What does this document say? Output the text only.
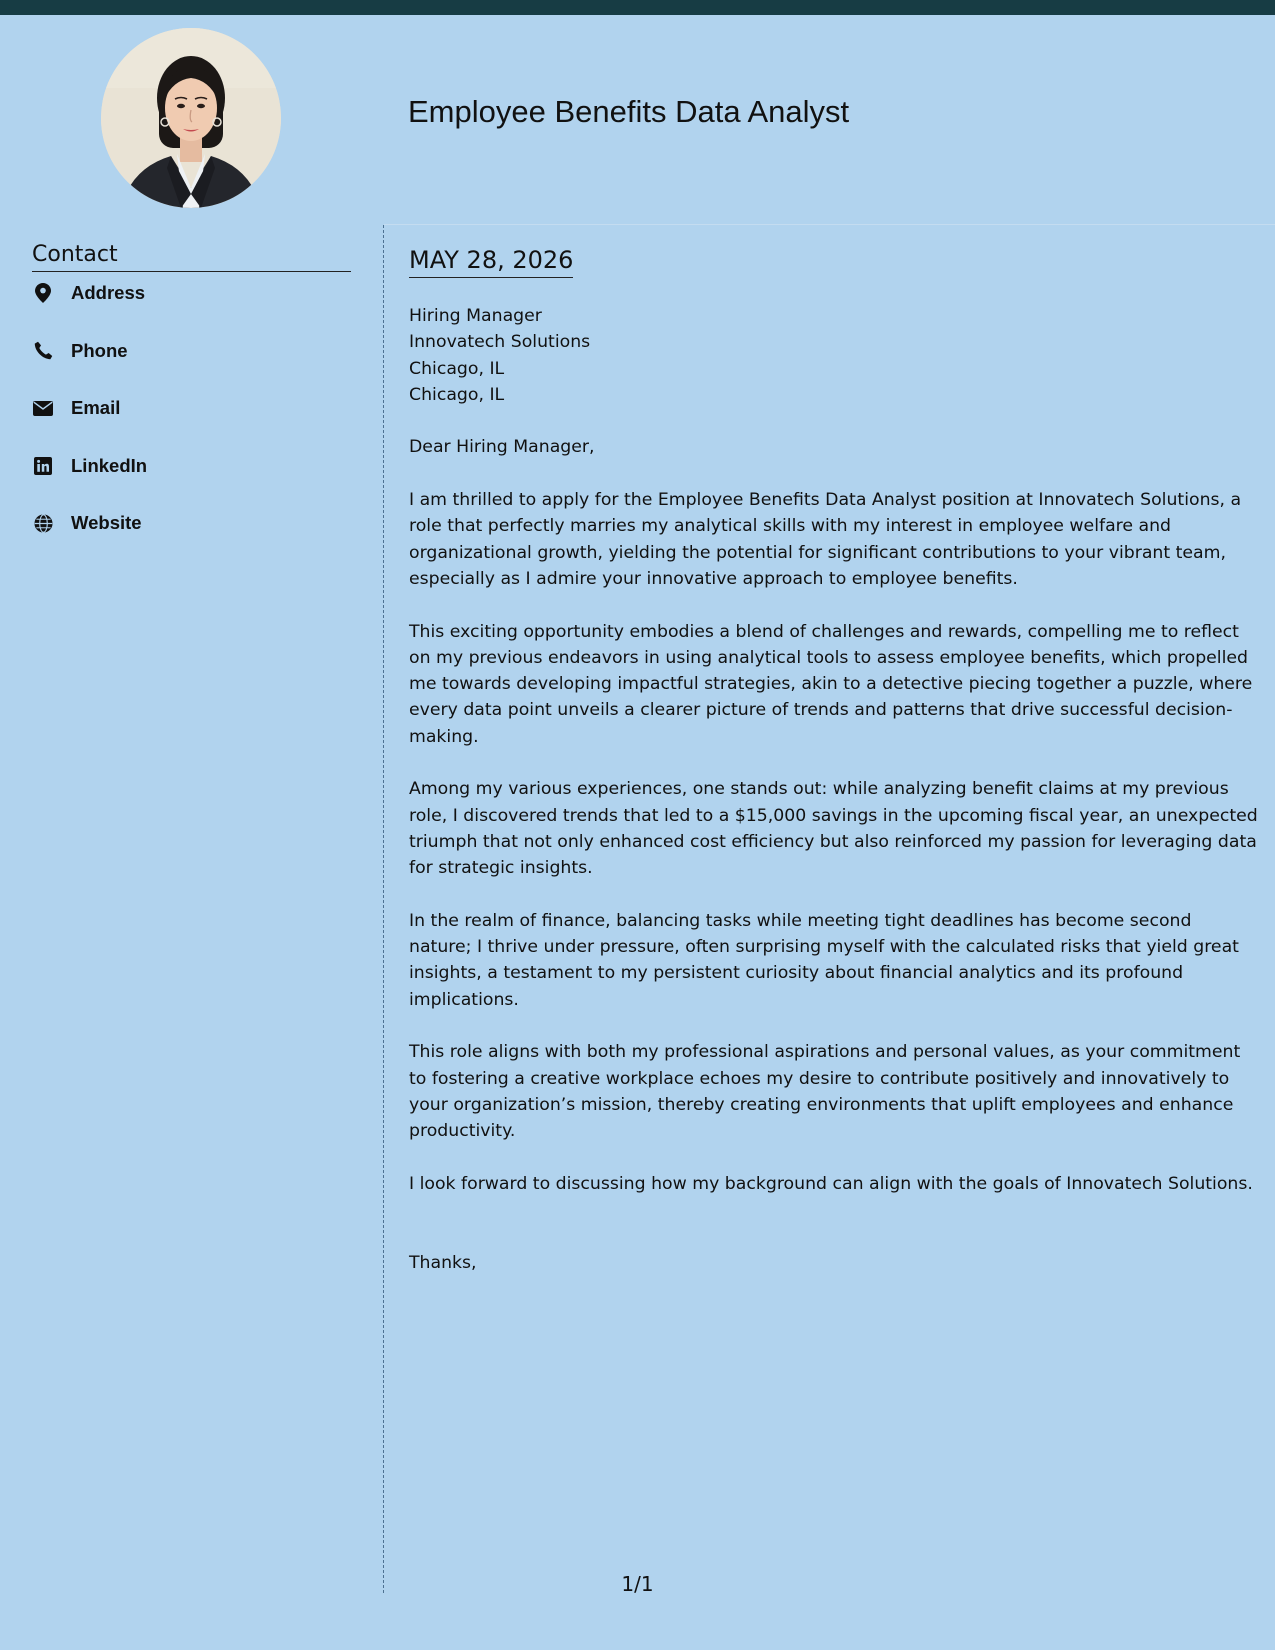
Employee Benefits Data Analyst
Contact
Address
Phone
Email
LinkedIn
Website
MAY 28, 2026
Hiring Manager
Innovatech Solutions
Chicago, IL
Chicago, IL

Dear Hiring Manager,

I am thrilled to apply for the Employee Benefits Data Analyst position at Innovatech Solutions, a role that perfectly marries my analytical skills with my interest in employee welfare and organizational growth, yielding the potential for significant contributions to your vibrant team, especially as I admire your innovative approach to employee benefits.

This exciting opportunity embodies a blend of challenges and rewards, compelling me to reflect on my previous endeavors in using analytical tools to assess employee benefits, which propelled me towards developing impactful strategies, akin to a detective piecing together a puzzle, where every data point unveils a clearer picture of trends and patterns that drive successful decision-making.

Among my various experiences, one stands out: while analyzing benefit claims at my previous role, I discovered trends that led to a $15,000 savings in the upcoming fiscal year, an unexpected triumph that not only enhanced cost efficiency but also reinforced my passion for leveraging data for strategic insights.

In the realm of finance, balancing tasks while meeting tight deadlines has become second nature; I thrive under pressure, often surprising myself with the calculated risks that yield great insights, a testament to my persistent curiosity about financial analytics and its profound implications.

This role aligns with both my professional aspirations and personal values, as your commitment to fostering a creative workplace echoes my desire to contribute positively and innovatively to your organization’s mission, thereby creating environments that uplift employees and enhance productivity.

I look forward to discussing how my background can align with the goals of Innovatech Solutions.

Thanks,

1/1
